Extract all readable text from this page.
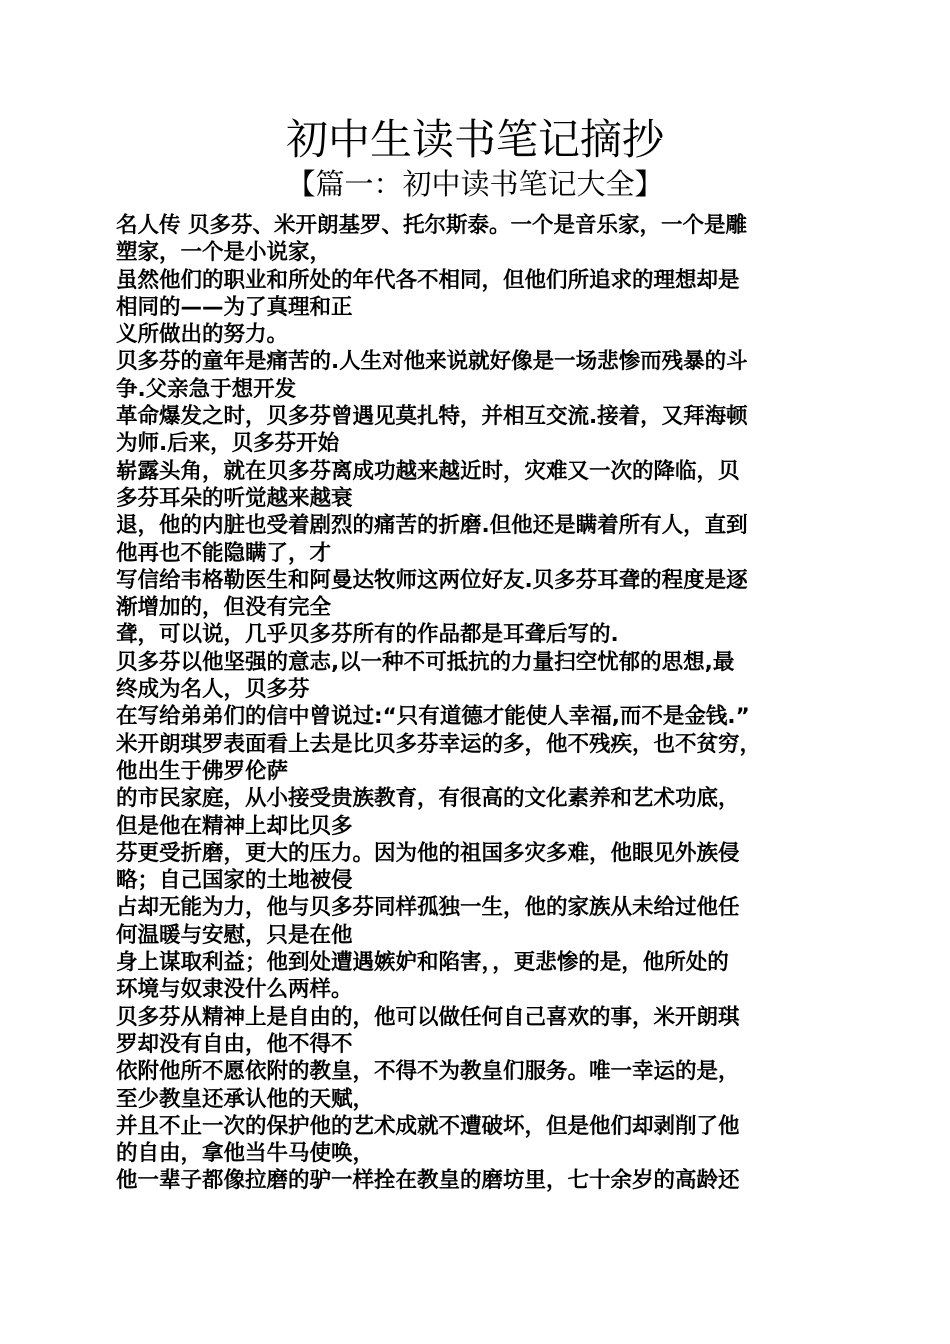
初中生读书笔记摘抄
【篇一：初中读书笔记大全】
名人传 贝多芬、米开朗基罗、托尔斯泰。一个是音乐家，一个是雕
塑家，一个是小说家，
虽然他们的职业和所处的年代各不相同，但他们所追求的理想却是
相同的——为了真理和正
义所做出的努力。
贝多芬的童年是痛苦的.人生对他来说就好像是一场悲惨而残暴的斗
争.父亲急于想开发
革命爆发之时，贝多芬曾遇见莫扎特，并相互交流.接着，又拜海顿
为师.后来，贝多芬开始
崭露头角，就在贝多芬离成功越来越近时，灾难又一次的降临，贝
多芬耳朵的听觉越来越衰
退，他的内脏也受着剧烈的痛苦的折磨.但他还是瞒着所有人，直到
他再也不能隐瞒了，才
写信给韦格勒医生和阿曼达牧师这两位好友.贝多芬耳聋的程度是逐
渐增加的，但没有完全
聋，可以说，几乎贝多芬所有的作品都是耳聋后写的.
贝多芬以他坚强的意志,以一种不可抵抗的力量扫空忧郁的思想,最
终成为名人，贝多芬
在写给弟弟们的信中曾说过:“只有道德才能使人幸福,而不是金钱.”
米开朗琪罗表面看上去是比贝多芬幸运的多，他不残疾，也不贫穷，
他出生于佛罗伦萨
的市民家庭，从小接受贵族教育，有很高的文化素养和艺术功底，
但是他在精神上却比贝多
芬更受折磨，更大的压力。因为他的祖国多灾多难，他眼见外族侵
略；自己国家的土地被侵
占却无能为力，他与贝多芬同样孤独一生，他的家族从未给过他任
何温暖与安慰，只是在他
身上谋取利益；他到处遭遇嫉妒和陷害，，更悲惨的是，他所处的
环境与奴隶没什么两样。
贝多芬从精神上是自由的，他可以做任何自己喜欢的事，米开朗琪
罗却没有自由，他不得不
依附他所不愿依附的教皇，不得不为教皇们服务。唯一幸运的是，
至少教皇还承认他的天赋，
并且不止一次的保护他的艺术成就不遭破坏，但是他们却剥削了他
的自由，拿他当牛马使唤，
他一辈子都像拉磨的驴一样拴在教皇的磨坊里，七十余岁的高龄还
